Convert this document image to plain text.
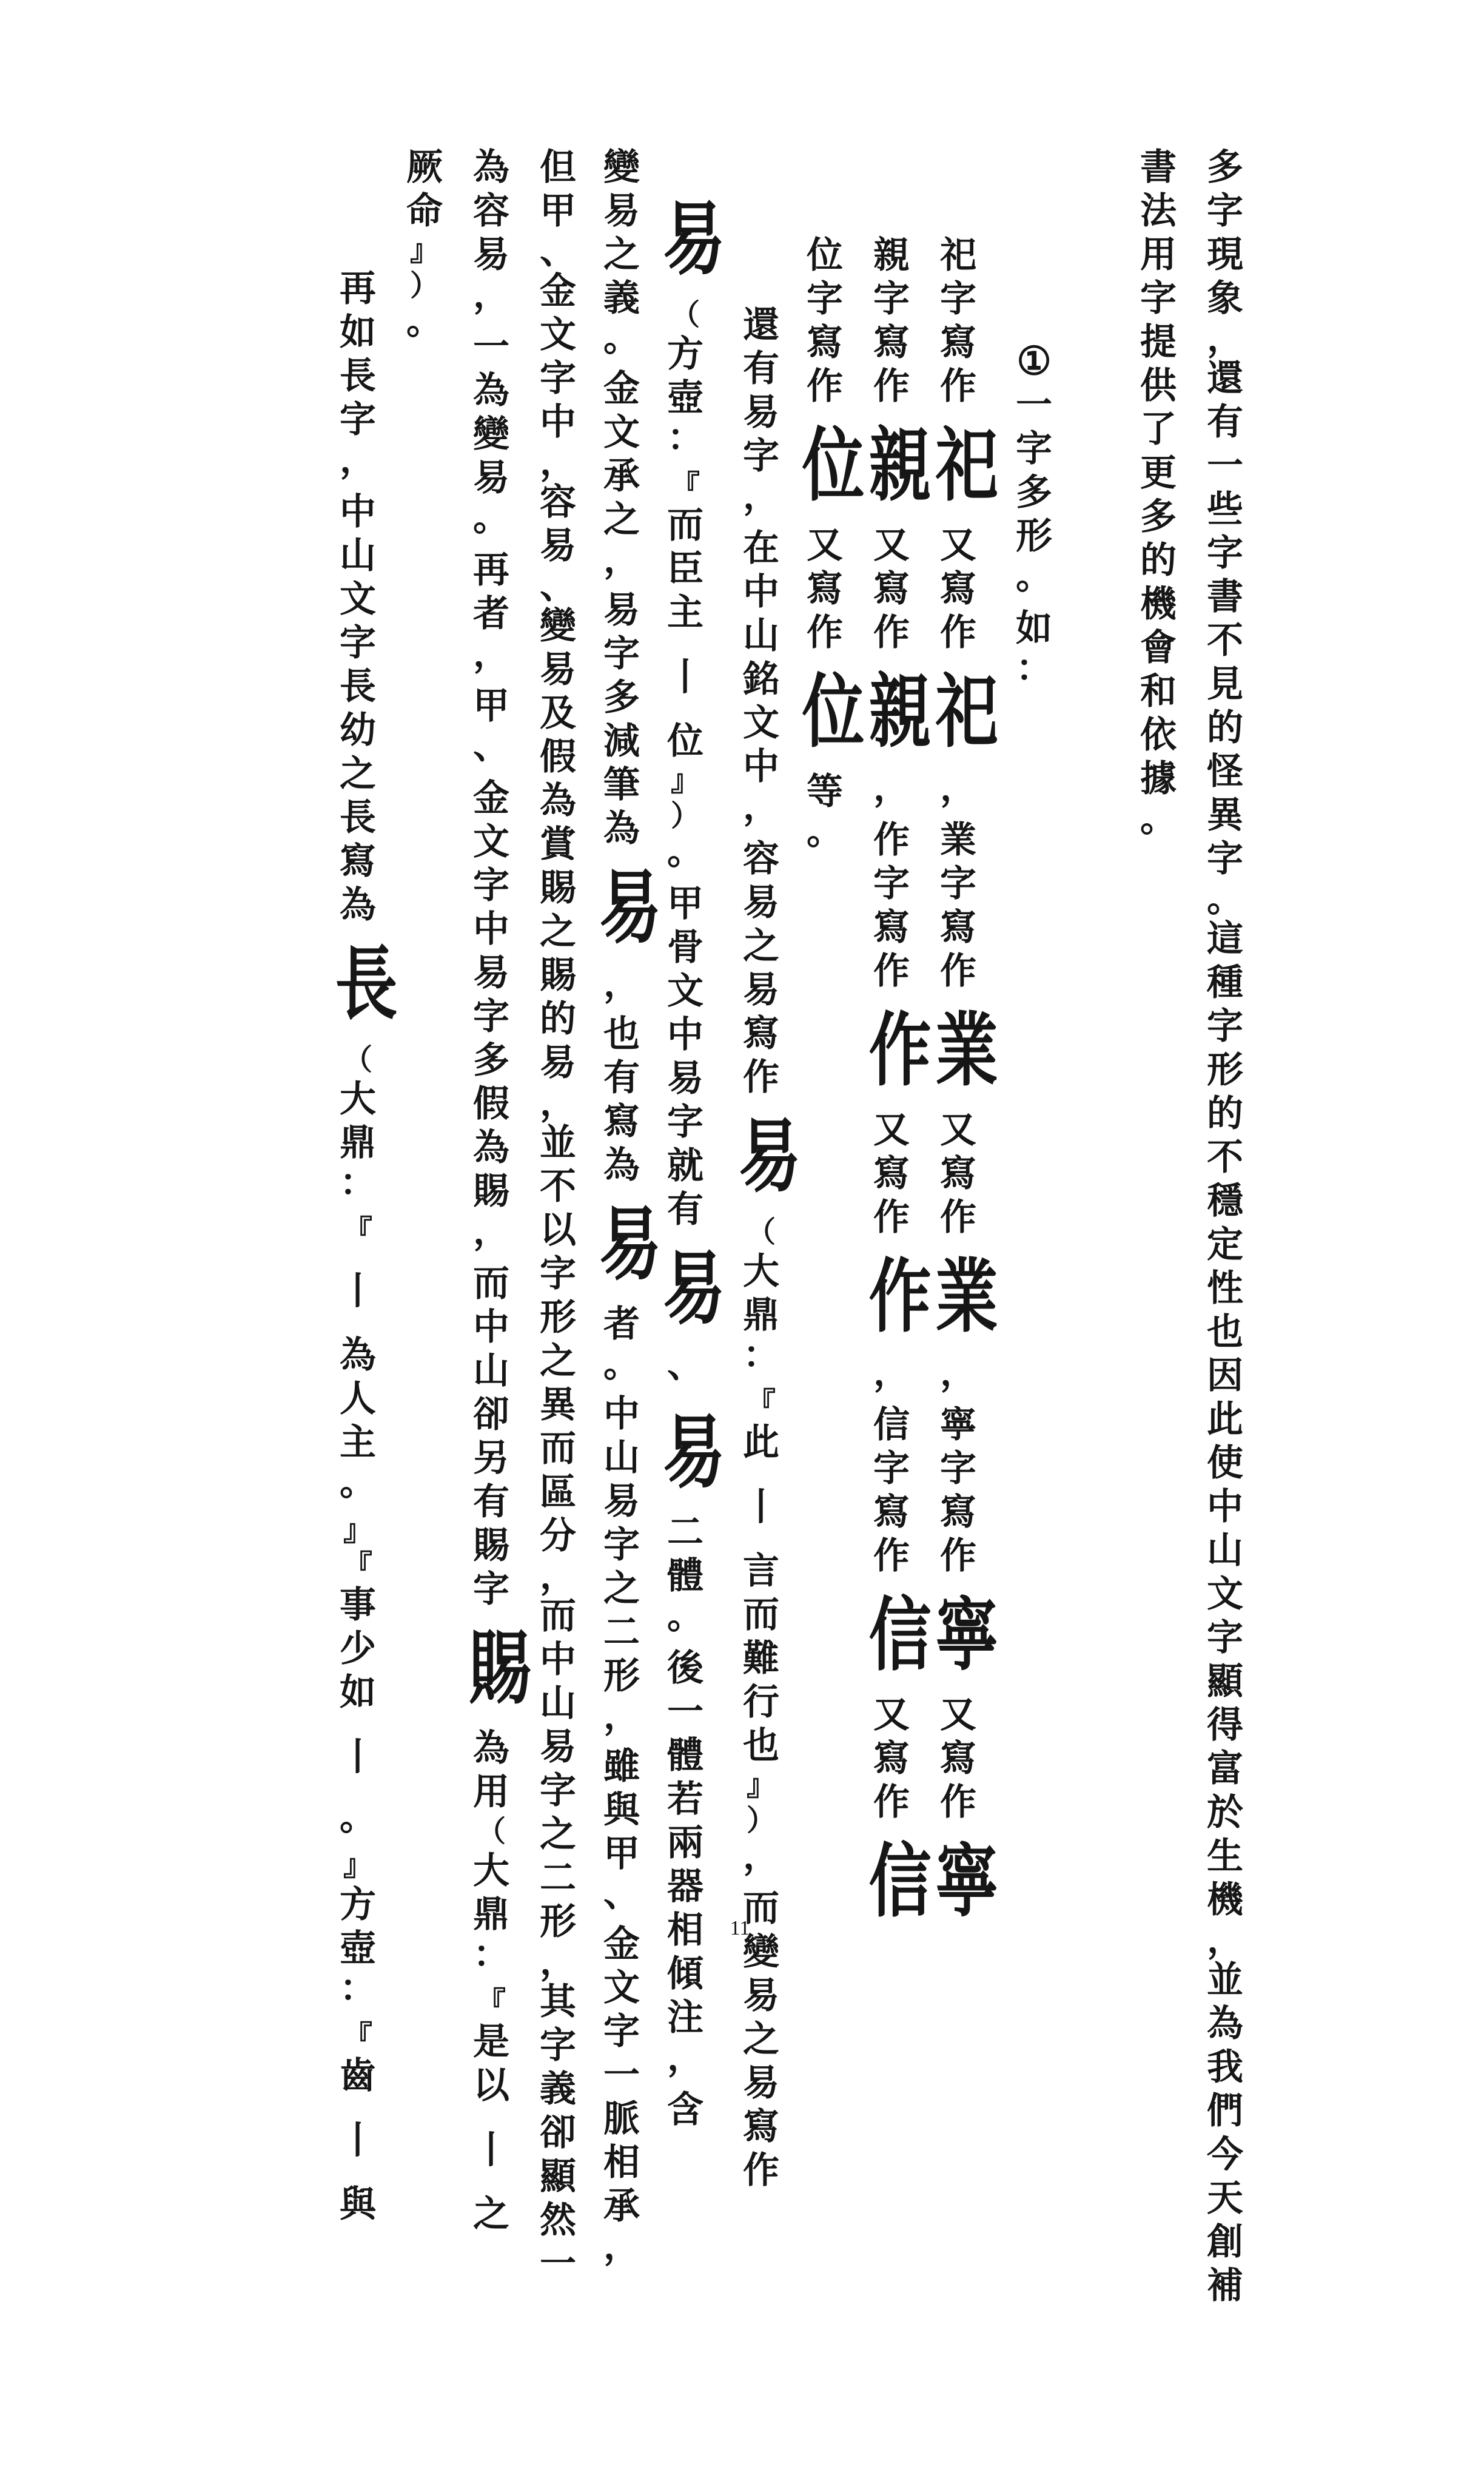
多
字
現
象
，
還
有
一
些
字
書
不
見
的
怪
異
字
。
這
種
字
形
的
不
穩
定
性
也
因
此
使
中
山
文
字
顯
得
富
於
生
機
，
並
為
我
們
今
天
創
補
書
法
用
字
提
供
了
更
多
的
機
會
和
依
據
。
①
一
字
多
形
。
如
：
祀
字
寫
作
祀
又
寫
作
祀
，
業
字
寫
作
業
又
寫
作
業
，
寧
字
寫
作
寧
又
寫
作
寧
親
字
寫
作
親
又
寫
作
親
，
作
字
寫
作
作
又
寫
作
作
，
信
字
寫
作
信
又
寫
作
信
位
字
寫
作
位
又
寫
作
位
等
。
還
有
易
字
，
在
中
山
銘
文
中
，
容
易
之
易
寫
作
易
（
大
鼎
：
『
此
丨
言
而
難
行
也
』
）
，
而
變
易
之
易
寫
作
易
（
方
壺
：
『
而
臣
主
丨
位
』
）
。
甲
骨
文
中
易
字
就
有
易
、
易
二
體
。
後
一
體
若
兩
器
相
傾
注
，
含
變
易
之
義
。
金
文
承
之
，
易
字
多
減
筆
為
易
，
也
有
寫
為
易
者
。
中
山
易
字
之
二
形
，
雖
與
甲
、
金
文
字
一
脈
相
承
，
但
甲
、
金
文
字
中
，
容
易
、
變
易
及
假
為
賞
賜
之
賜
的
易
，
並
不
以
字
形
之
異
而
區
分
，
而
中
山
易
字
之
二
形
，
其
字
義
卻
顯
然
一
為
容
易
，
一
為
變
易
。
再
者
，
甲
、
金
文
字
中
易
字
多
假
為
賜
，
而
中
山
卻
另
有
賜
字
賜
為
用
（
大
鼎
：
『
是
以
丨
之
厥
命
』
）
。
再
如
長
字
，
中
山
文
字
長
幼
之
長
寫
為
長
（
大
鼎
：
『
丨
為
人
主
。
』
『
事
少
如
丨
。
』
方
壺
：
『
齒
丨
與
11
